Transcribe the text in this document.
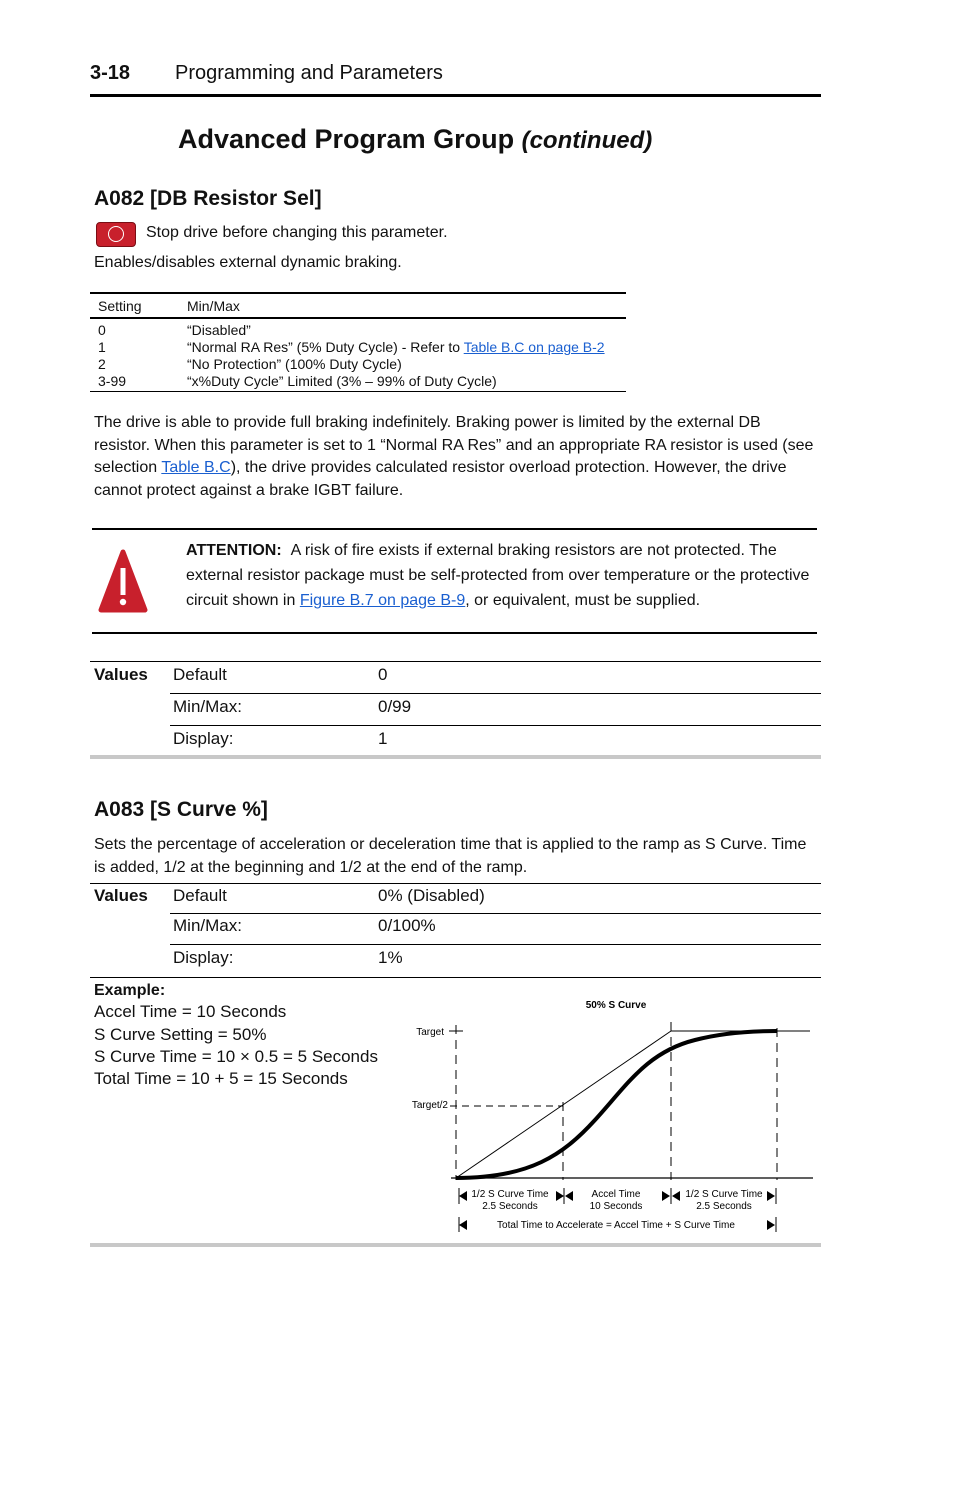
3-18 Programming and Parameters
Advanced Program Group (continued)
A082 [DB Resistor Sel]
Stop drive before changing this parameter.
Enables/disables external dynamic braking.
Setting	Min/Max
0	“Disabled”
1	“Normal RA Res” (5% Duty Cycle) - Refer to Table B.C on page B-2
2	“No Protection” (100% Duty Cycle)
3-99	“x%Duty Cycle” Limited (3% – 99% of Duty Cycle)
The drive is able to provide full braking indefinitely. Braking power is limited by the external DB resistor. When this parameter is set to 1 “Normal RA Res” and an appropriate RA resistor is used (see selection Table B.C), the drive provides calculated resistor overload protection. However, the drive cannot protect against a brake IGBT failure.
ATTENTION: A risk of fire exists if external braking resistors are not protected. The external resistor package must be self-protected from over temperature or the protective circuit shown in Figure B.7 on page B-9, or equivalent, must be supplied.
Values Default	0
Min/Max:	0/99
Display:	1
A083 [S Curve %]
Sets the percentage of acceleration or deceleration time that is applied to the ramp as S Curve. Time is added, 1/2 at the beginning and 1/2 at the end of the ramp.
Values Default	0% (Disabled)
Min/Max:	0/100%
Display:	1%
Example:
Accel Time = 10 Seconds
S Curve Setting = 50%
S Curve Time = 10 × 0.5 = 5 Seconds
Total Time = 10 + 5 = 15 Seconds
50% S Curve
Target
Target/2
1/2 S Curve Time
2.5 Seconds
Accel Time
10 Seconds
1/2 S Curve Time
2.5 Seconds
Total Time to Accelerate = Accel Time + S Curve Time
